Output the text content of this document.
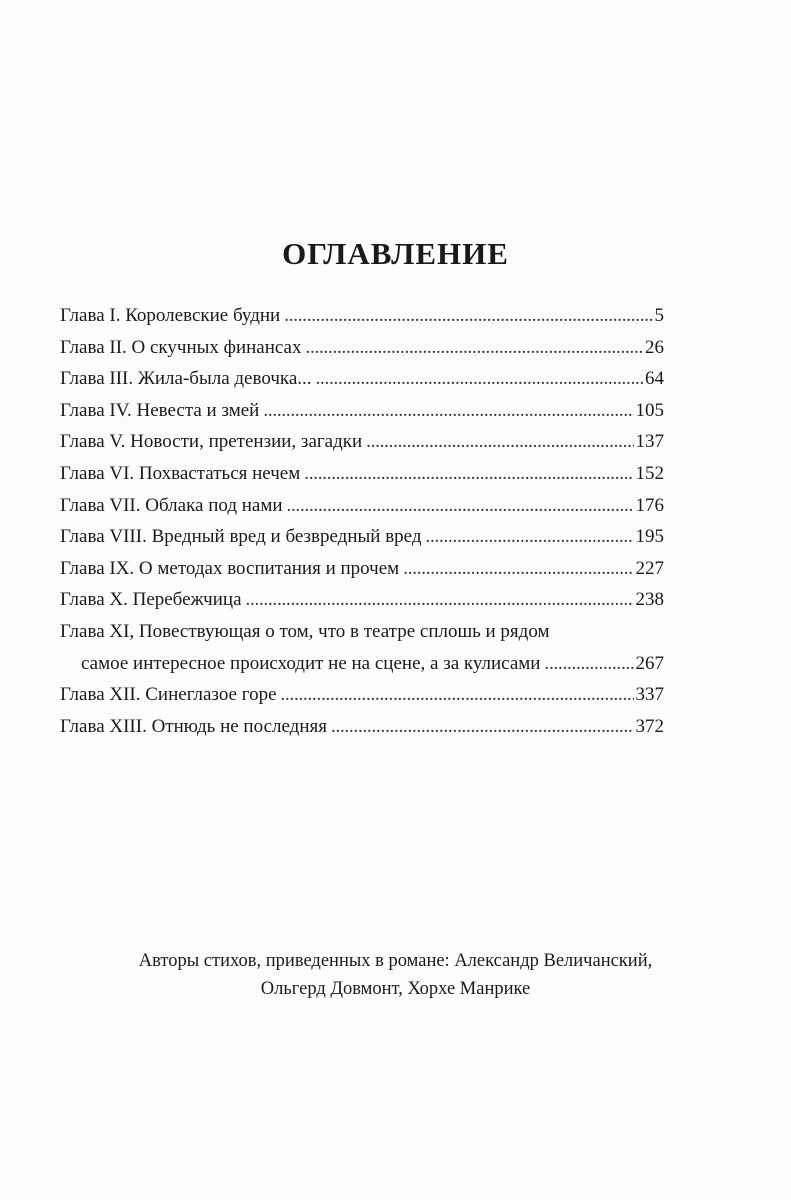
ОГЛАВЛЕНИЕ
Глава I. Королевские будни . . .	5
Глава II. О скучных финансах . . .	26
Глава III. Жила-была девочка... . . .	64
Глава IV. Невеста и змей . . .	105
Глава V. Новости, претензии, загадки . . .	137
Глава VI. Похвастаться нечем . . .	152
Глава VII. Облака под нами . . .	176
Глава VIII. Вредный вред и безвредный вред . . .	195
Глава IX. О методах воспитания и прочем . . .	227
Глава X. Перебежчица . . .	238
Глава XI, Повествующая о том, что в театре сплошь и рядом
самое интересное происходит не на сцене, а за кулисами . . .	267
Глава XII. Синеглазое горе . . .	337
Глава XIII. Отнюдь не последняя . . .	372

Авторы стихов, приведенных в романе: Александр Величанский,
Ольгерд Довмонт, Хорхе Манрике
